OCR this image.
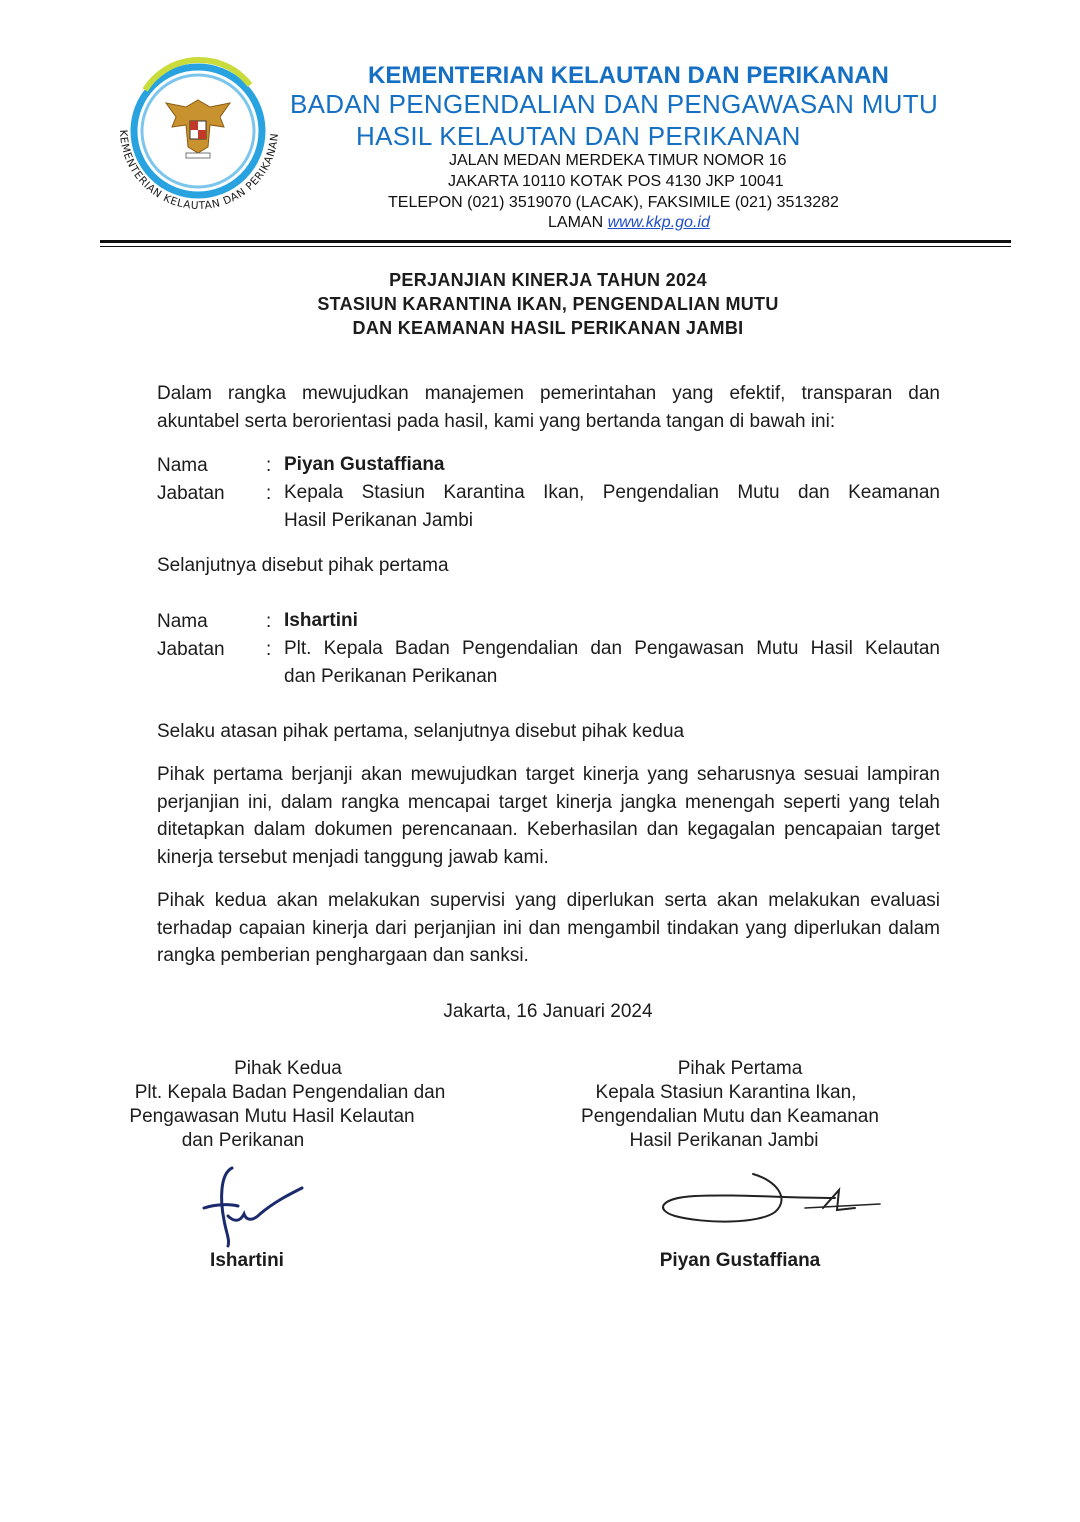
KEMENTERIAN KELAUTAN DAN PERIKANAN
KEMENTERIAN KELAUTAN DAN PERIKANAN
BADAN PENGENDALIAN DAN PENGAWASAN MUTU
HASIL KELAUTAN DAN PERIKANAN
JALAN MEDAN MERDEKA TIMUR NOMOR 16
JAKARTA 10110 KOTAK POS 4130 JKP 10041
TELEPON (021) 3519070 (LACAK), FAKSIMILE (021) 3513282
LAMAN www.kkp.go.id
PERJANJIAN KINERJA TAHUN 2024
STASIUN KARANTINA IKAN, PENGENDALIAN MUTU
DAN KEAMANAN HASIL PERIKANAN JAMBI
Dalam rangka mewujudkan manajemen pemerintahan yang efektif, transparan dan akuntabel serta berorientasi pada hasil, kami yang bertanda tangan di bawah ini:
Nama	: Piyan Gustaffiana
Jabatan : Kepala Stasiun Karantina Ikan, Pengendalian Mutu dan Keamanan
Hasil Perikanan Jambi
Selanjutnya disebut pihak pertama
Nama	: Ishartini
Jabatan : Plt. Kepala Badan Pengendalian dan Pengawasan Mutu Hasil Kelautan
dan Perikanan Perikanan
Selaku atasan pihak pertama, selanjutnya disebut pihak kedua
Pihak pertama berjanji akan mewujudkan target kinerja yang seharusnya sesuai lampiran perjanjian ini, dalam rangka mencapai target kinerja jangka menengah seperti yang telah ditetapkan dalam dokumen perencanaan. Keberhasilan dan kegagalan pencapaian target kinerja tersebut menjadi tanggung jawab kami.
Pihak kedua akan melakukan supervisi yang diperlukan serta akan melakukan evaluasi terhadap capaian kinerja dari perjanjian ini dan mengambil tindakan yang diperlukan dalam rangka pemberian penghargaan dan sanksi.
Jakarta, 16 Januari 2024
Pihak Kedua
Plt. Kepala Badan Pengendalian dan
Pengawasan Mutu Hasil Kelautan
dan Perikanan
Ishartini
Pihak Pertama
Kepala Stasiun Karantina Ikan,
Pengendalian Mutu dan Keamanan
Hasil Perikanan Jambi
Piyan Gustaffiana
